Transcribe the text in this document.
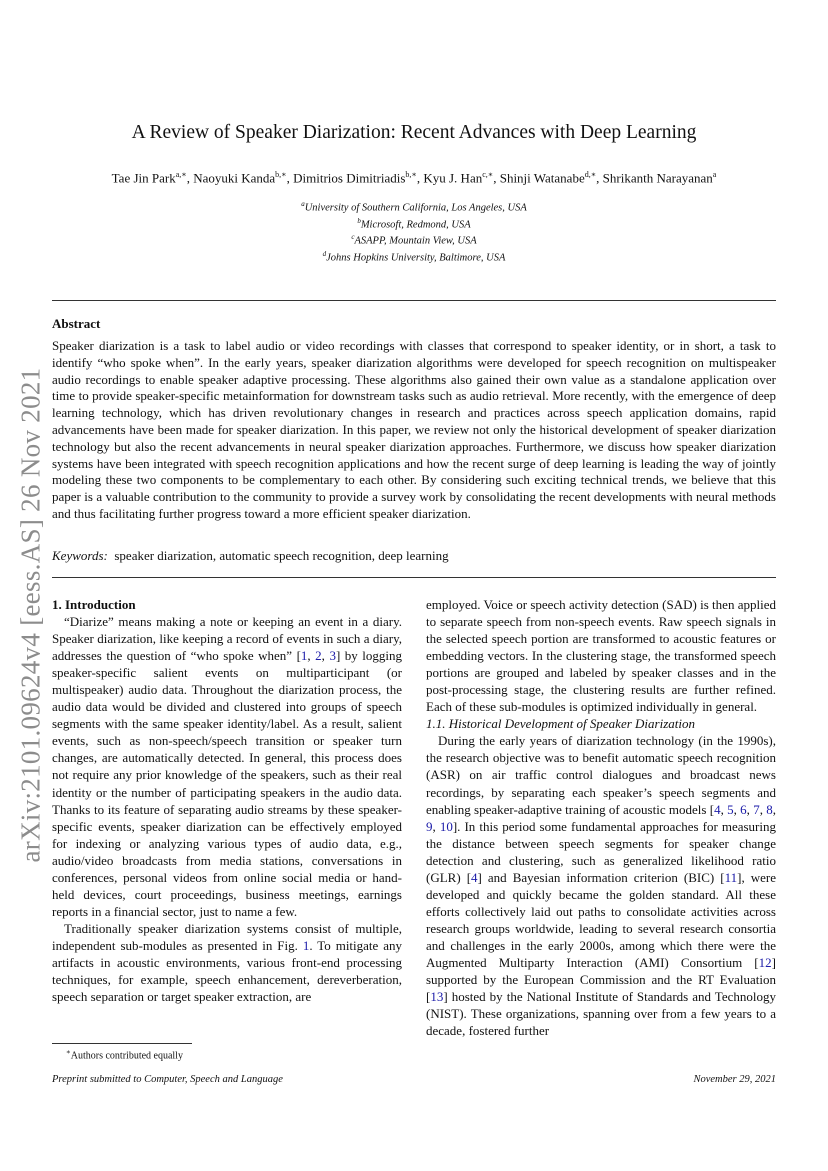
arXiv:2101.09624v4 [eess.AS] 26 Nov 2021
A Review of Speaker Diarization: Recent Advances with Deep Learning
Tae Jin Park$^{a,∗}$, Naoyuki Kanda$^{b,∗}$, Dimitrios Dimitriadis$^{b,∗}$, Kyu J. Han$^{c,∗}$, Shinji Watanabe$^{d,∗}$, Shrikanth Narayanan$^a$
$^a$University of Southern California, Los Angeles, USA
$^b$Microsoft, Redmond, USA
$^c$ASAPP, Mountain View, USA
$^d$Johns Hopkins University, Baltimore, USA
Abstract

Speaker diarization is a task to label audio or video recordings with classes that correspond to speaker identity, or in short, a task to identify “who spoke when”. In the early years, speaker diarization algorithms were developed for speech recognition on multispeaker audio recordings to enable speaker adaptive processing. These algorithms also gained their own value as a standalone application over time to provide speaker-specific metainformation for downstream tasks such as audio retrieval. More recently, with the emergence of deep learning technology, which has driven revolutionary changes in research and practices across speech application domains, rapid advancements have been made for speaker diarization. In this paper, we review not only the historical development of speaker diarization technology but also the recent advancements in neural speaker diarization approaches. Furthermore, we discuss how speaker diarization systems have been integrated with speech recognition applications and how the recent surge of deep learning is leading the way of jointly modeling these two components to be complementary to each other. By considering such exciting technical trends, we believe that this paper is a valuable contribution to the community to provide a survey work by consolidating the recent developments with neural methods and thus facilitating further progress toward a more efficient speaker diarization.

Keywords: speaker diarization, automatic speech recognition, deep learning

1. Introduction

“Diarize” means making a note or keeping an event in a diary. Speaker diarization, like keeping a record of events in such a diary, addresses the question of “who spoke when” [1, 2, 3] by logging speaker-specific salient events on multiparticipant (or multispeaker) audio data. Throughout the diarization process, the audio data would be divided and clustered into groups of speech segments with the same speaker identity/label. As a result, salient events, such as non-speech/speech transition or speaker turn changes, are automatically detected. In general, this process does not require any prior knowledge of the speakers, such as their real identity or the number of participating speakers in the audio data. Thanks to its feature of separating audio streams by these speaker-specific events, speaker diarization can be effectively employed for indexing or analyzing various types of audio data, e.g., audio/video broadcasts from media stations, conversations in conferences, personal videos from online social media or hand-held devices, court proceedings, business meetings, earnings reports in a financial sector, just to name a few.

Traditionally speaker diarization systems consist of multiple, independent sub-modules as presented in Fig. 1. To mitigate any artifacts in acoustic environments, various front-end processing techniques, for example, speech enhancement, dereverberation, speech separation or target speaker extraction, are

employed. Voice or speech activity detection (SAD) is then applied to separate speech from non-speech events. Raw speech signals in the selected speech portion are transformed to acoustic features or embedding vectors. In the clustering stage, the transformed speech portions are grouped and labeled by speaker classes and in the post-processing stage, the clustering results are further refined. Each of these sub-modules is optimized individually in general.

1.1. Historical Development of Speaker Diarization

During the early years of diarization technology (in the 1990s), the research objective was to benefit automatic speech recognition (ASR) on air traffic control dialogues and broadcast news recordings, by separating each speaker’s speech segments and enabling speaker-adaptive training of acoustic models [4, 5, 6, 7, 8, 9, 10]. In this period some fundamental approaches for measuring the distance between speech segments for speaker change detection and clustering, such as generalized likelihood ratio (GLR) [4] and Bayesian information criterion (BIC) [11], were developed and quickly became the golden standard. All these efforts collectively laid out paths to consolidate activities across research groups worldwide, leading to several research consortia and challenges in the early 2000s, among which there were the Augmented Multiparty Interaction (AMI) Consortium [12] supported by the European Commission and the RT Evaluation [13] hosted by the National Institute of Standards and Technology (NIST). These organizations, spanning over from a few years to a decade, fostered further

∗Authors contributed equally
Preprint submitted to Computer, Speech and Language	November 29, 2021
